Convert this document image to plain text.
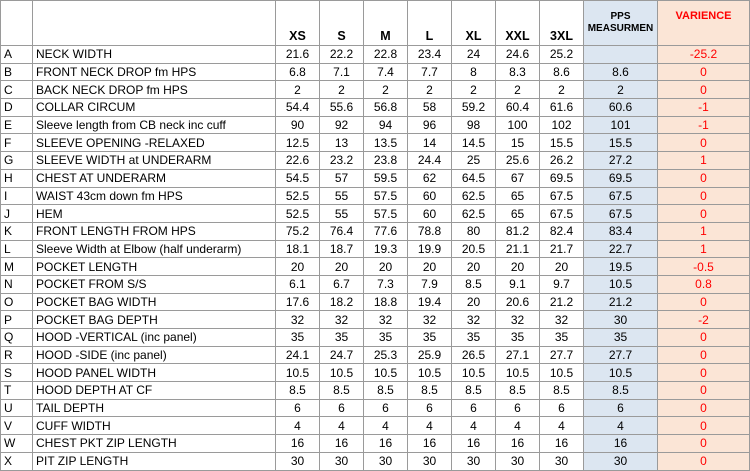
		XS	S	M	L	XL	XXL	3XL	PPS
MEASURMEN	VARIENCE
A	NECK WIDTH	21.6	22.2	22.8	23.4	24	24.6	25.2		-25.2
B	FRONT NECK DROP fm HPS	6.8	7.1	7.4	7.7	8	8.3	8.6	8.6	0
C	BACK NECK DROP fm HPS	2	2	2	2	2	2	2	2	0
D	COLLAR CIRCUM	54.4	55.6	56.8	58	59.2	60.4	61.6	60.6	-1
E	Sleeve length from CB neck inc cuff	90	92	94	96	98	100	102	101	-1
F	SLEEVE OPENING -RELAXED	12.5	13	13.5	14	14.5	15	15.5	15.5	0
G	SLEEVE WIDTH at UNDERARM	22.6	23.2	23.8	24.4	25	25.6	26.2	27.2	1
H	CHEST AT UNDERARM	54.5	57	59.5	62	64.5	67	69.5	69.5	0
I	WAIST 43cm down fm HPS	52.5	55	57.5	60	62.5	65	67.5	67.5	0
J	HEM	52.5	55	57.5	60	62.5	65	67.5	67.5	0
K	FRONT LENGTH FROM HPS	75.2	76.4	77.6	78.8	80	81.2	82.4	83.4	1
L	Sleeve Width at Elbow (half underarm)	18.1	18.7	19.3	19.9	20.5	21.1	21.7	22.7	1
M	POCKET LENGTH	20	20	20	20	20	20	20	19.5	-0.5
N	POCKET FROM S/S	6.1	6.7	7.3	7.9	8.5	9.1	9.7	10.5	0.8
O	POCKET BAG WIDTH	17.6	18.2	18.8	19.4	20	20.6	21.2	21.2	0
P	POCKET BAG DEPTH	32	32	32	32	32	32	32	30	-2
Q	HOOD -VERTICAL (inc panel)	35	35	35	35	35	35	35	35	0
R	HOOD -SIDE (inc panel)	24.1	24.7	25.3	25.9	26.5	27.1	27.7	27.7	0
S	HOOD PANEL WIDTH	10.5	10.5	10.5	10.5	10.5	10.5	10.5	10.5	0
T	HOOD DEPTH AT CF	8.5	8.5	8.5	8.5	8.5	8.5	8.5	8.5	0
U	TAIL DEPTH	6	6	6	6	6	6	6	6	0
V	CUFF WIDTH	4	4	4	4	4	4	4	4	0
W	CHEST PKT ZIP LENGTH	16	16	16	16	16	16	16	16	0
X	PIT ZIP LENGTH	30	30	30	30	30	30	30	30	0
